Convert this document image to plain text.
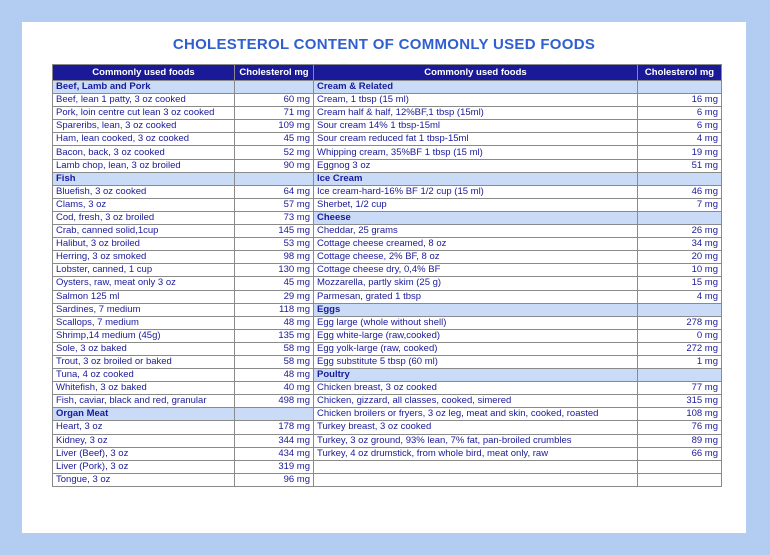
CHOLESTEROL CONTENT OF COMMONLY USED FOODS
Commonly used foods	Cholesterol mg	Commonly used foods	Cholesterol mg
Beef, Lamb and Pork		Cream & Related	
Beef, lean 1 patty, 3 oz cooked	60 mg	Cream, 1 tbsp (15 ml)	16 mg
Pork, loin centre cut lean 3 oz cooked	71 mg	Cream half & half, 12%BF,1 tbsp (15ml)	6 mg
Spareribs, lean, 3 oz cooked	109 mg	Sour cream 14% 1 tbsp-15ml	6 mg
Ham, lean cooked, 3 oz cooked	45 mg	Sour cream reduced fat 1 tbsp-15ml	4 mg
Bacon, back, 3 oz cooked	52 mg	Whipping cream, 35%BF 1 tbsp (15 ml)	19 mg
Lamb chop, lean, 3 oz broiled	90 mg	Eggnog 3 oz	51 mg
Fish		Ice Cream	
Bluefish, 3 oz cooked	64 mg	Ice cream-hard-16% BF 1/2 cup (15 ml)	46 mg
Clams, 3 oz	57 mg	Sherbet, 1/2 cup	7 mg
Cod, fresh, 3 oz broiled	73 mg	Cheese	
Crab, canned solid,1cup	145 mg	Cheddar, 25 grams	26 mg
Halibut, 3 oz broiled	53 mg	Cottage cheese creamed, 8 oz	34 mg
Herring, 3 oz smoked	98 mg	Cottage cheese, 2% BF, 8 oz	20 mg
Lobster, canned, 1 cup	130 mg	Cottage cheese dry, 0,4% BF	10 mg
Oysters, raw, meat only 3 oz	45 mg	Mozzarella, partly skim (25 g)	15 mg
Salmon 125 ml	29 mg	Parmesan, grated 1 tbsp	4 mg
Sardines, 7 medium	118 mg	Eggs	
Scallops, 7 medium	48 mg	Egg large (whole without shell)	278 mg
Shrimp,14 medium (45g)	135 mg	Egg white-large (raw,cooked)	0 mg
Sole, 3 oz baked	58 mg	Egg yolk-large (raw, cooked)	272 mg
Trout, 3 oz broiled or baked	58 mg	Egg substitute 5 tbsp (60 ml)	1 mg
Tuna, 4 oz cooked	48 mg	Poultry	
Whitefish, 3 oz baked	40 mg	Chicken breast, 3 oz cooked	77 mg
Fish, caviar, black and red, granular	498 mg	Chicken, gizzard, all classes, cooked, simered	315 mg
Organ Meat		Chicken broilers or fryers, 3 oz leg, meat and skin, cooked, roasted	108 mg
Heart, 3 oz	178 mg	Turkey breast, 3 oz cooked	76 mg
Kidney, 3 oz	344 mg	Turkey, 3 oz ground, 93% lean, 7% fat, pan-broiled crumbles	89 mg
Liver (Beef), 3 oz	434 mg	Turkey, 4 oz drumstick, from whole bird, meat only, raw	66 mg
Liver (Pork), 3 oz	319 mg		
Tongue, 3 oz	96 mg		
